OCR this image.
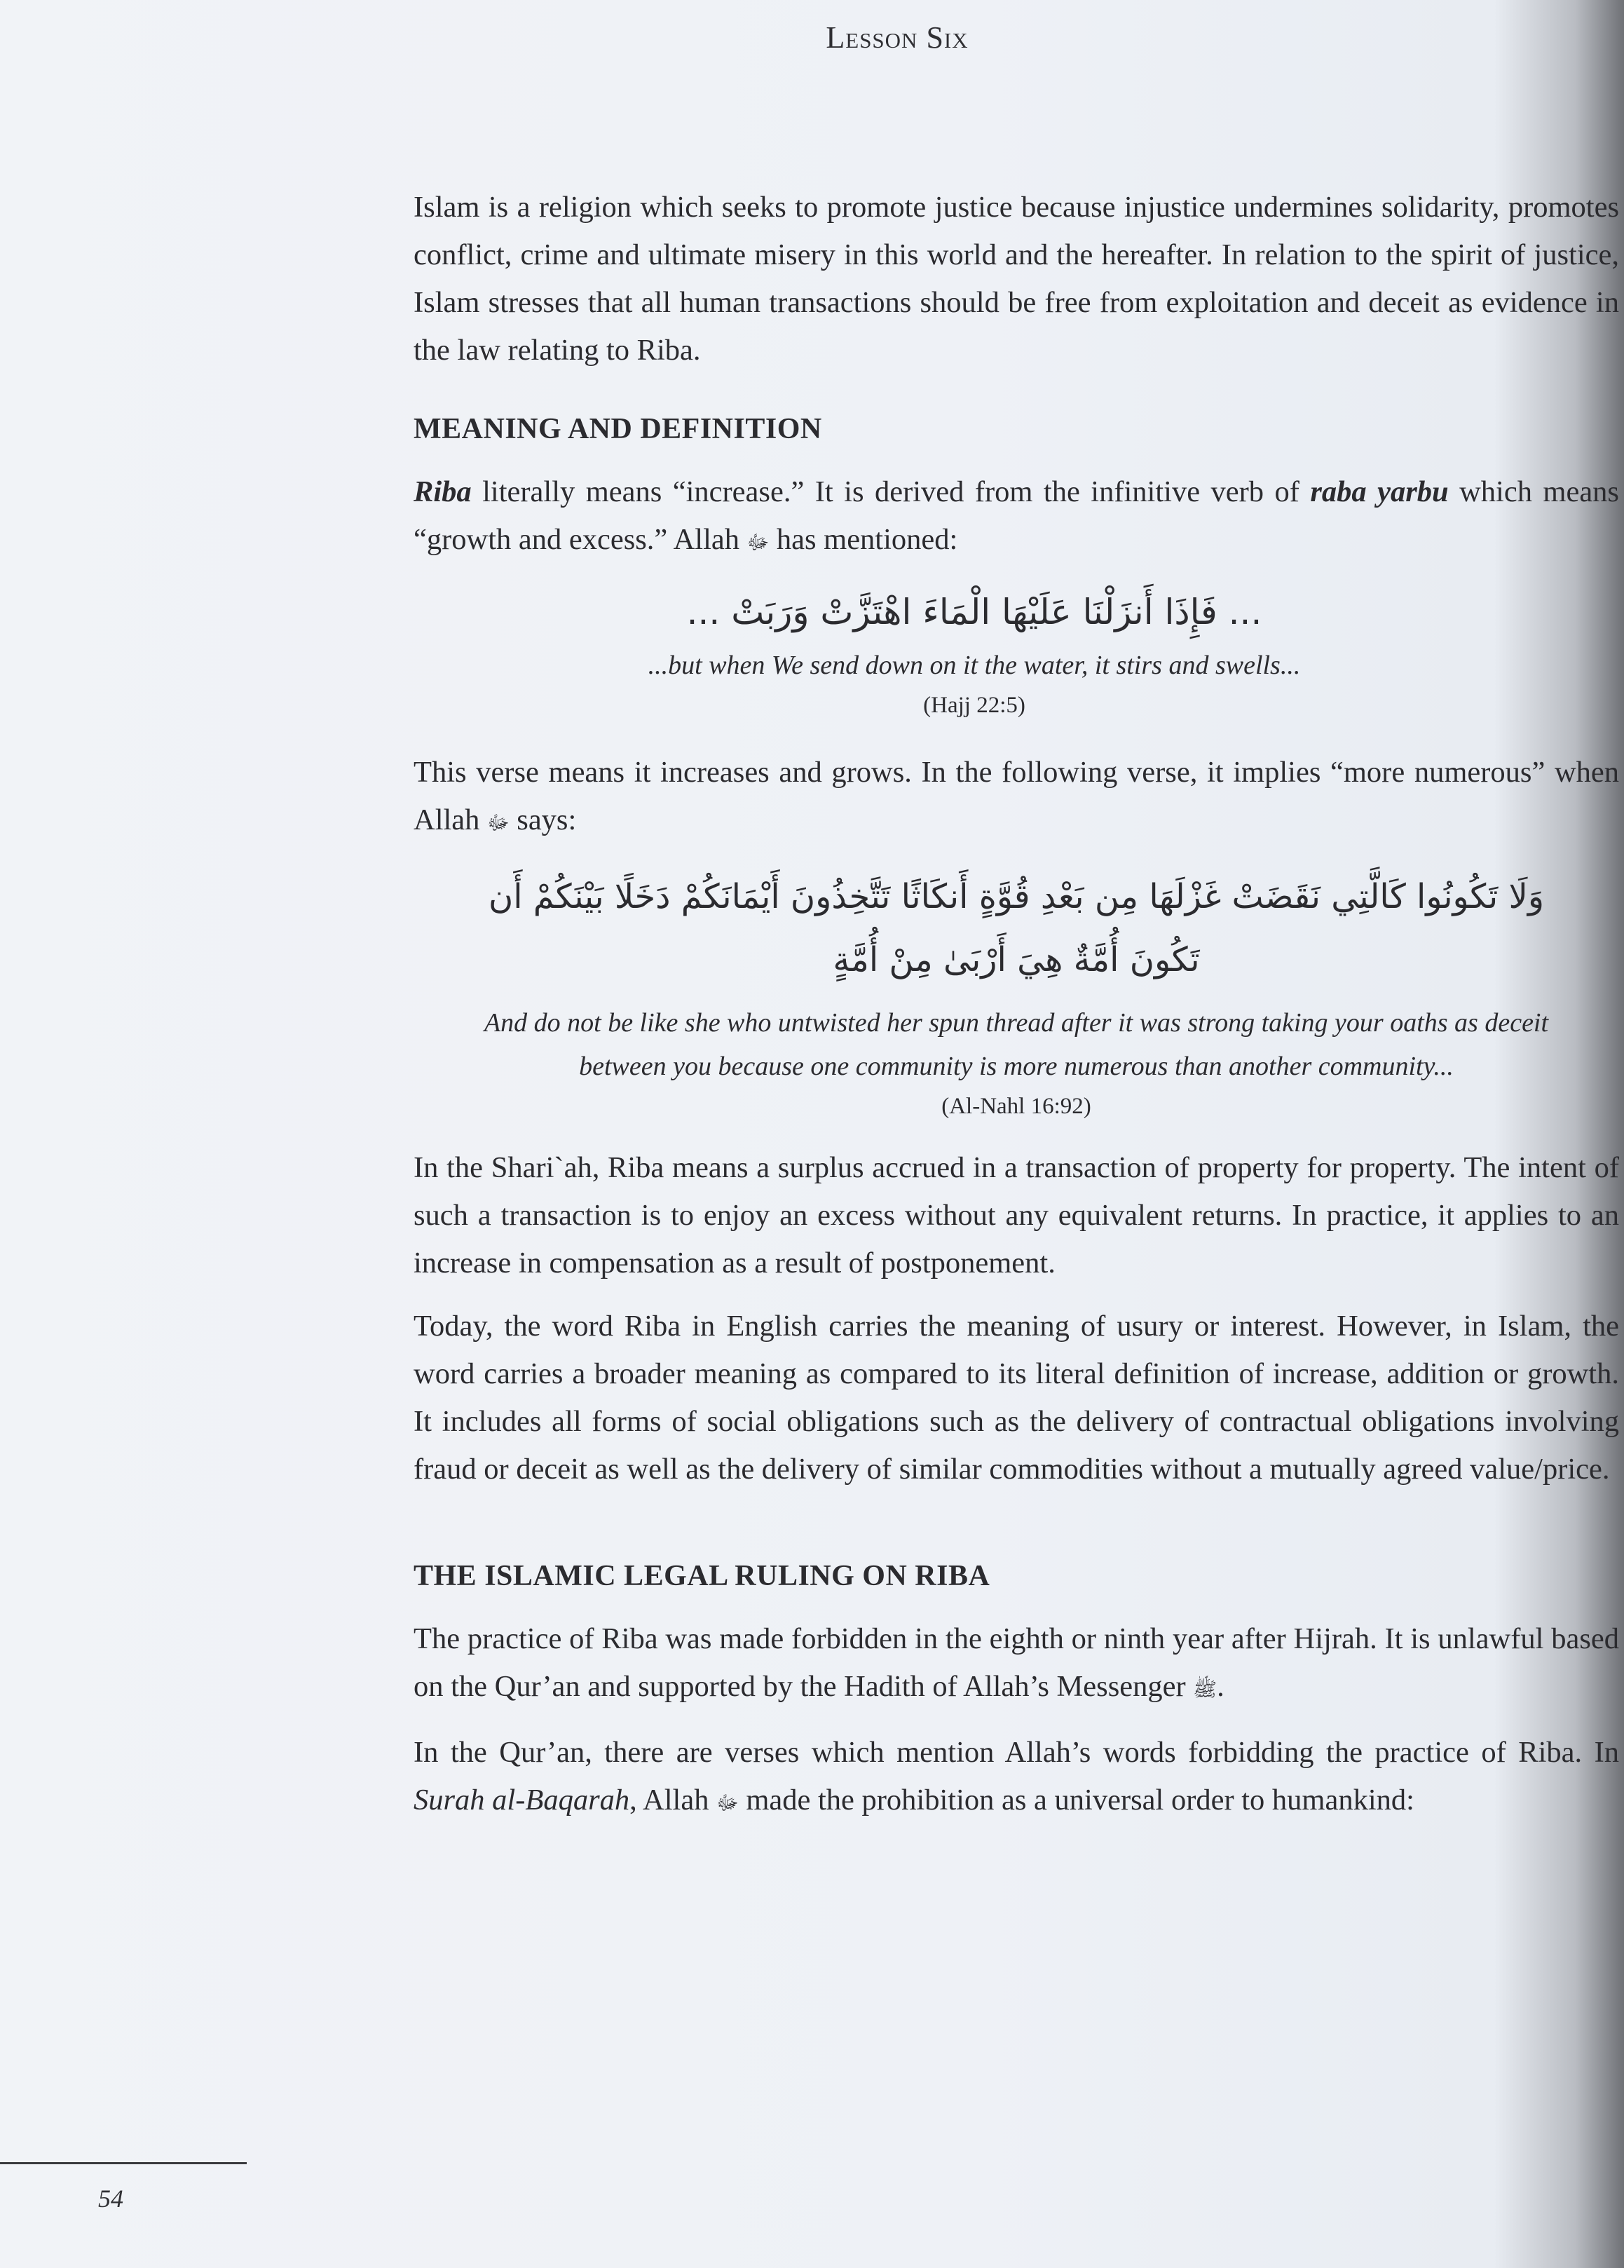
Lesson Six

Islam is a religion which seeks to promote justice because injustice undermines solidarity, promotes conflict, crime and ultimate misery in this world and the hereafter. In relation to the spirit of justice, Islam stresses that all human transactions should be free from exploitation and deceit as evidence in the law relating to Riba.

MEANING AND DEFINITION

Riba literally means “increase.” It is derived from the infinitive verb of raba yarbu which means “growth and excess.” Allah ﷻ has mentioned:

... فَإِذَا أَنزَلْنَا عَلَيْهَا الْمَاءَ اهْتَزَّتْ وَرَبَتْ ...

...but when We send down on it the water, it stirs and swells...

(Hajj 22:5)

This verse means it increases and grows. In the following verse, it implies “more numerous” when Allah ﷻ says:

وَلَا تَكُونُوا كَالَّتِي نَقَضَتْ غَزْلَهَا مِن بَعْدِ قُوَّةٍ أَنكَاثًا تَتَّخِذُونَ أَيْمَانَكُمْ دَخَلًا بَيْنَكُمْ أَن

تَكُونَ أُمَّةٌ هِيَ أَرْبَىٰ مِنْ أُمَّةٍ

And do not be like she who untwisted her spun thread after it was strong taking your oaths as deceit between you because one community is more numerous than another community...

(Al-Nahl 16:92)

In the Shari`ah, Riba means a surplus accrued in a transaction of property for property. The intent of such a transaction is to enjoy an excess without any equivalent returns. In practice, it applies to an increase in compensation as a result of postponement.

Today, the word Riba in English carries the meaning of usury or interest. However, in Islam, the word carries a broader meaning as compared to its literal definition of increase, addition or growth. It includes all forms of social obligations such as the delivery of contractual obligations involving fraud or deceit as well as the delivery of similar commodities without a mutually agreed value/price.

THE ISLAMIC LEGAL RULING ON RIBA

The practice of Riba was made forbidden in the eighth or ninth year after Hijrah. It is unlawful based on the Qur’an and supported by the Hadith of Allah’s Messenger ﷺ.

In the Qur’an, there are verses which mention Allah’s words forbidding the practice of Riba. In Surah al-Baqarah, Allah ﷻ made the prohibition as a universal order to humankind:

54
